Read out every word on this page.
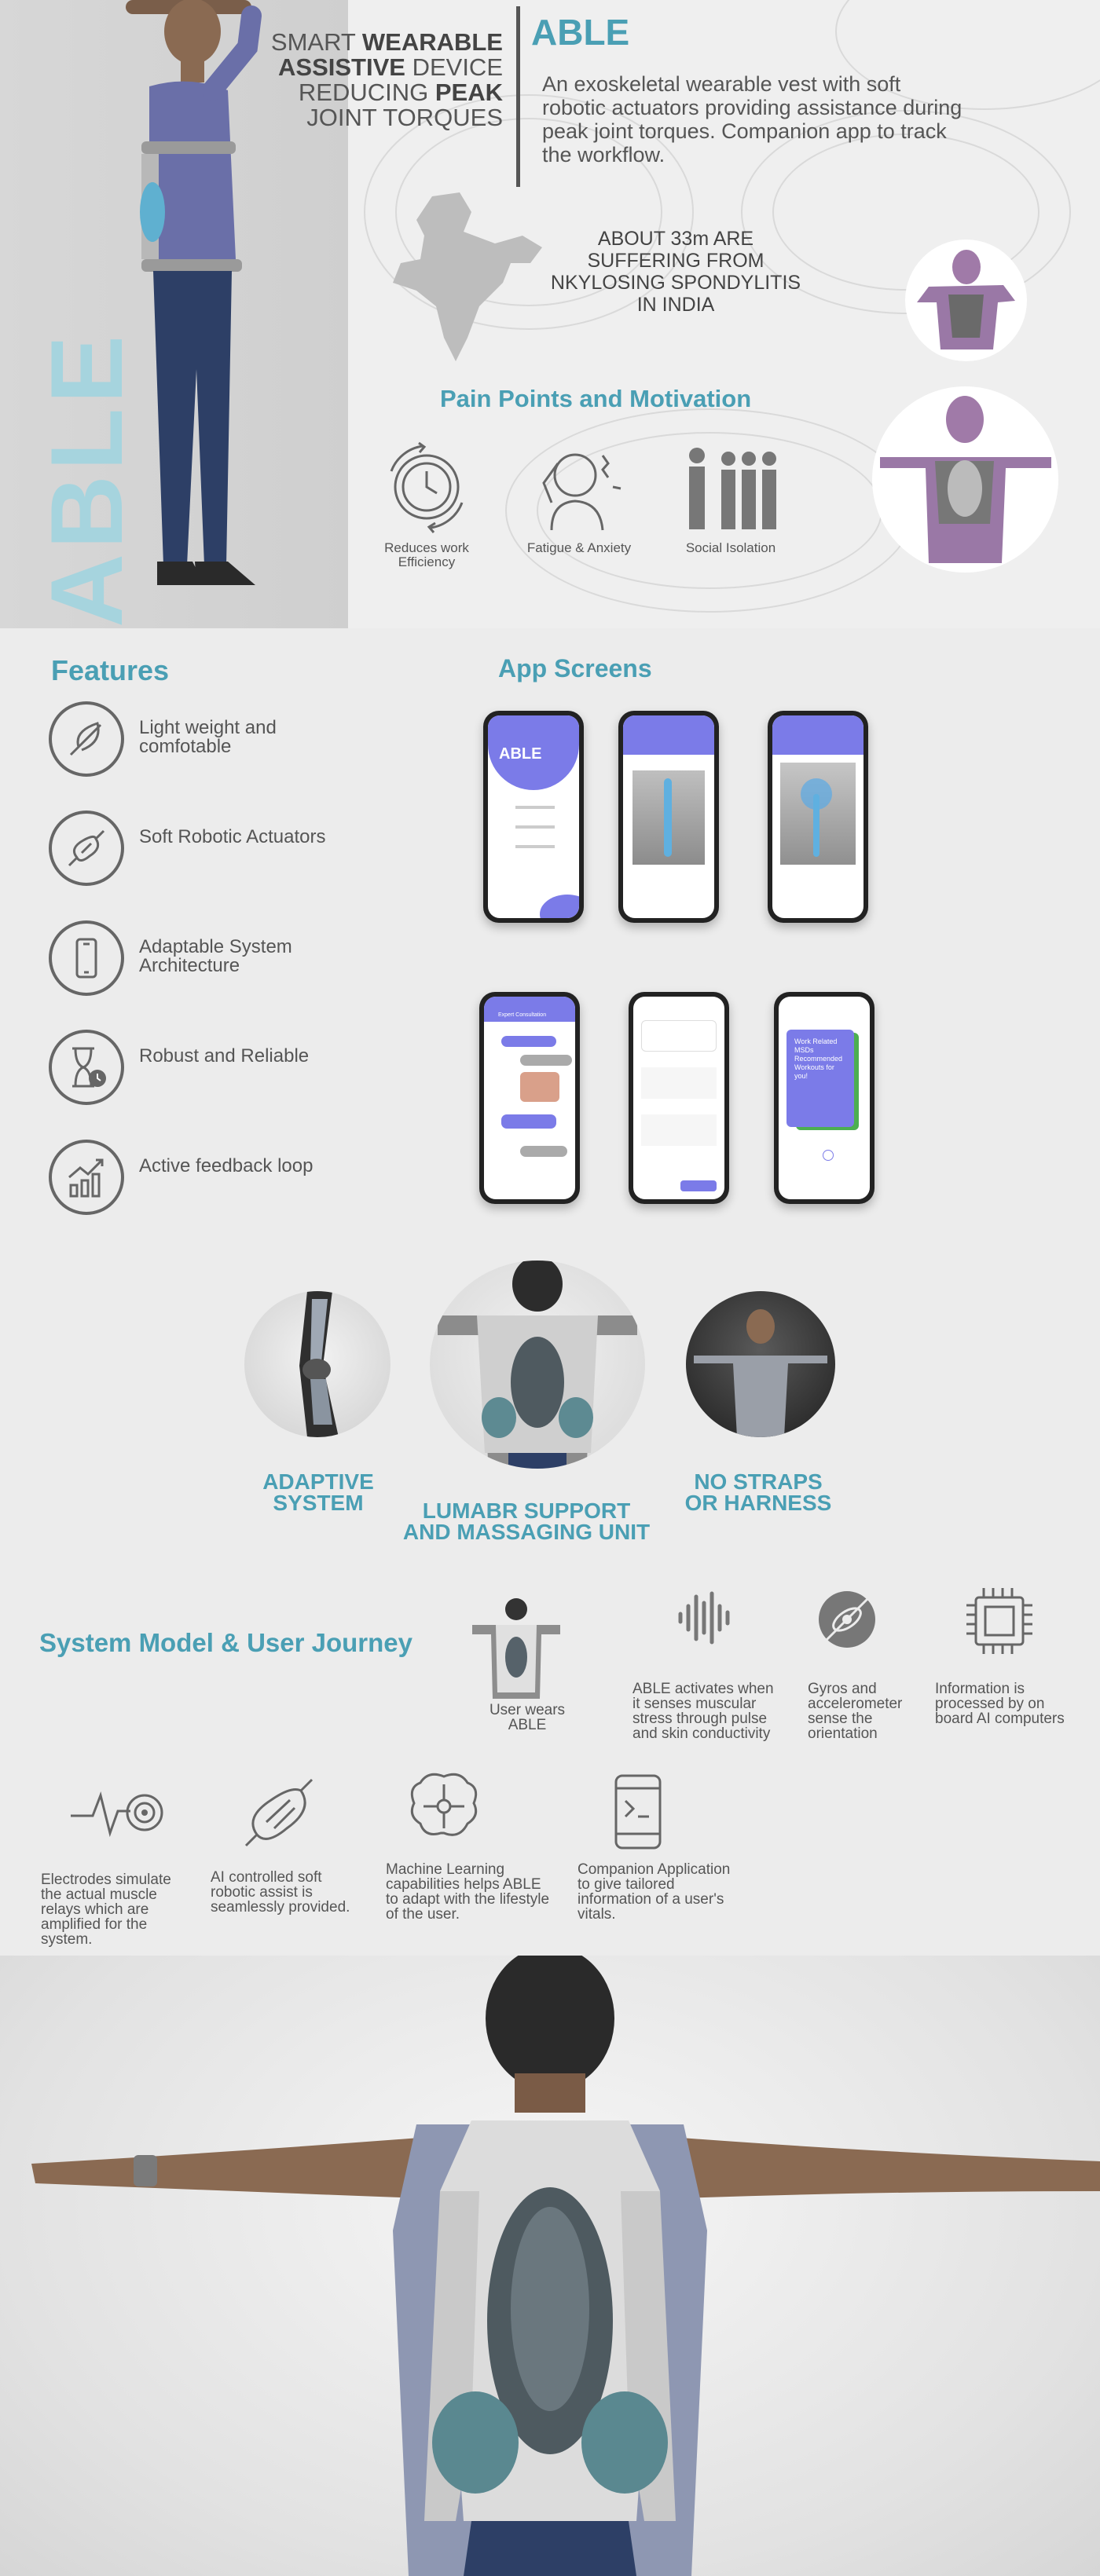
ABLE
SMART WEARABLE
ASSISTIVE DEVICE
REDUCING PEAK
JOINT TORQUES
ABLE
An exoskeletal wearable vest with soft robotic actuators providing assistance during peak joint torques. Companion app to track the workflow.
ABOUT 33m ARE SUFFERING FROM NKYLOSING SPONDYLITIS IN INDIA
Pain Points and Motivation
Reduces work Efficiency
Fatigue & Anxiety	Social Isolation
Features
Light weight and comfotable
Soft Robotic Actuators
Adaptable System Architecture
Robust and Reliable
Active feedback loop
App Screens
ABLE
Expert Consultation
Work Related MSDs Recommended Workouts for you!
ADAPTIVE SYSTEM	LUMABR SUPPORT AND MASSAGING UNIT
NO STRAPS OR HARNESS
System Model & User Journey
User wears ABLE
ABLE activates when it senses muscular stress through pulse and skin conductivity
Gyros and accelerometer sense the orientation
Information is processed by on board AI computers
Electrodes simulate the actual muscle relays which are amplified for the system.
AI controlled soft robotic assist is seamlessly provided.
Machine Learning capabilities helps ABLE to adapt with the lifestyle of the user.
Companion Application to give tailored information of a user's vitals.
